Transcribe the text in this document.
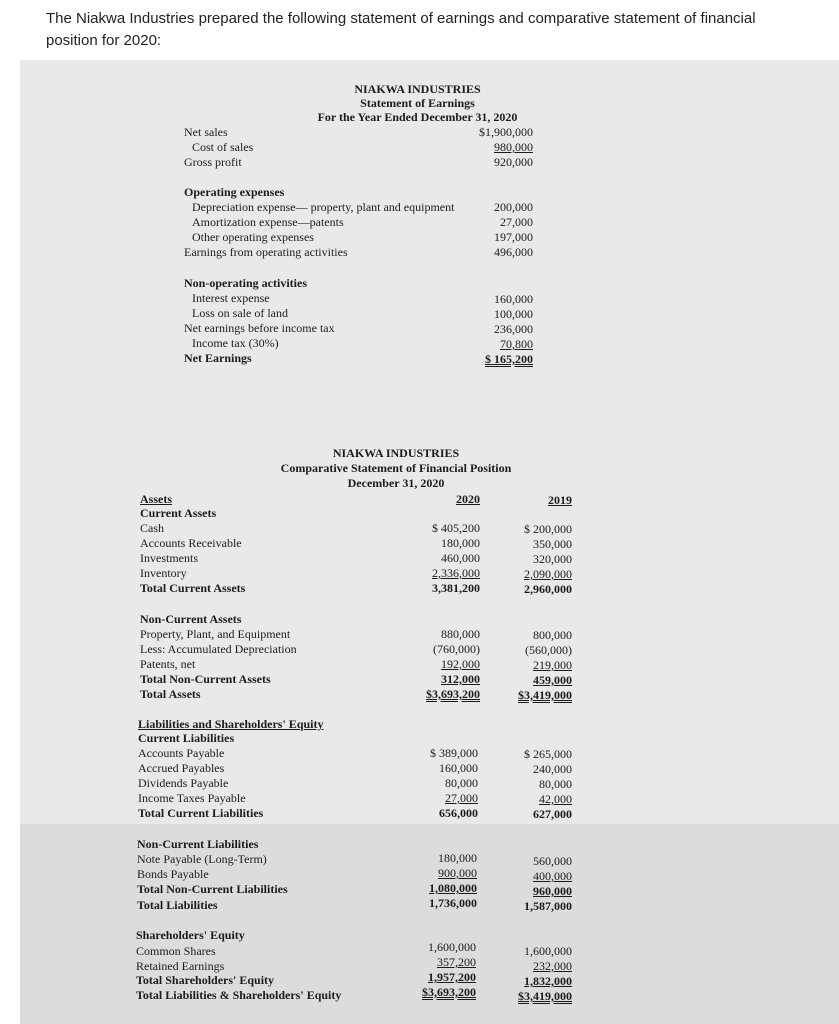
The Niakwa Industries prepared the following statement of earnings and comparative statement of financial position for 2020:
NIAKWA INDUSTRIES
Statement of Earnings
For the Year Ended December 31, 2020
Net sales	$1,900,000
Cost of sales	980,000
Gross profit	920,000
Operating expenses
Depreciation expense— property, plant and equipment	200,000
Amortization expense—patents	27,000
Other operating expenses	197,000
Earnings from operating activities	496,000
Non-operating activities
Interest expense	160,000
Loss on sale of land	100,000
Net earnings before income tax	236,000
Income tax (30%)	70,800
Net Earnings	$ 165,200
NIAKWA INDUSTRIES
Comparative Statement of Financial Position
December 31, 2020
Assets	2020	2019
Current Assets
Cash	$ 405,200	$ 200,000
Accounts Receivable	180,000	350,000
Investments	460,000	320,000
Inventory	2,336,000	2,090,000
Total Current Assets	3,381,200	2,960,000
Non-Current Assets
Property, Plant, and Equipment	880,000	800,000
Less: Accumulated Depreciation	(760,000)	(560,000)
Patents, net	192,000	219,000
Total Non-Current Assets	312,000	459,000
Total Assets	$3,693,200	$3,419,000
Liabilities and Shareholders' Equity
Current Liabilities
Accounts Payable	$ 389,000	$ 265,000
Accrued Payables	160,000	240,000
Dividends Payable	80,000	80,000
Income Taxes Payable	27,000	42,000
Total Current Liabilities	656,000	627,000
Non-Current Liabilities
Note Payable (Long-Term)	180,000	560,000
Bonds Payable	900,000	400,000
Total Non-Current Liabilities	1,080,000	960,000
Total Liabilities	1,736,000	1,587,000
Shareholders' Equity
Common Shares	1,600,000	1,600,000
Retained Earnings	357,200	232,000
Total Shareholders' Equity	1,957,200	1,832,000
Total Liabilities & Shareholders' Equity	$3,693,200	$3,419,000
